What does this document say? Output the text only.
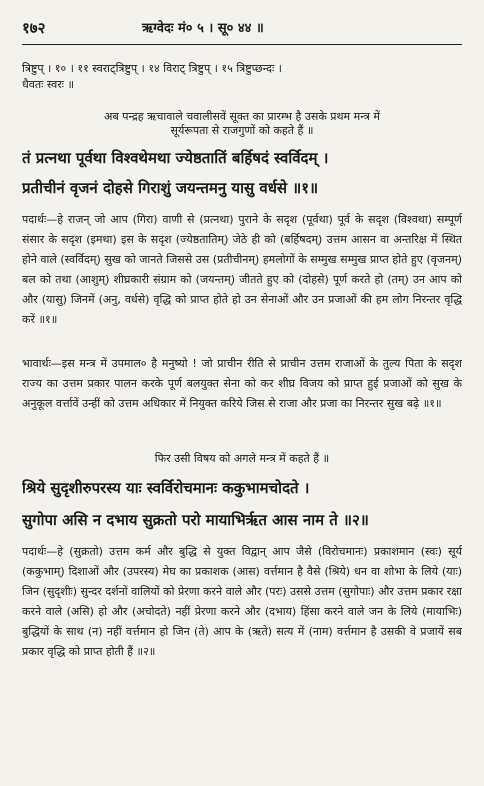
१७२	ऋग्वेदः मं० ५ । सू० ४४ ॥
त्रिष्टुप् । १० । ११ स्वराट्त्रिष्टुप् । १४ विराट् त्रिष्टुप् । १५ त्रिष्टुप्छन्दः ।
धैवतः स्वरः ॥
अब पन्द्रह ऋचावाले चवालीसवें सूक्त का प्रारम्भ है उसके प्रथम मन्त्र में
सूर्यरूपता से राजगुणों को कहते हैं ॥
तं प्रत्नथा पूर्वथा विश्वथेमथा ज्येष्ठतातिं बर्हिषदं स्वर्विदम् ।
प्रतीचीनं वृजनं दोहसे गिराशुं जयन्तमनु यासु वर्धसे ॥१॥

पदार्थः—हे राजन् जो आप (गिरा) वाणी से (प्रत्नथा) पुराने के सदृश (पूर्वथा) पूर्व के सदृश (विश्वथा) सम्पूर्ण संसार के सदृश (इमथा) इस के सदृश (ज्येष्ठतातिम्) जेठे ही को (बर्हिषदम्) उत्तम आसन वा अन्तरिक्ष में स्थित होने वाले (स्वर्विदम्) सुख को जानते जिससे उस (प्रतीचीनम्) हमलोगों के सम्मुख सम्मुख प्राप्त होते हुए (वृजनम्) बल को तथा (आशुम्) शीघ्रकारी संग्राम को (जयन्तम्) जीतते हुए को (दोहसे) पूर्ण करते हो (तम्) उन आप को और (यासु) जिनमें (अनु, वर्धसे) वृद्धि को प्राप्त होते हो उन सेनाओं और उन प्रजाओं की हम लोग निरन्तर वृद्धि करें ॥१॥

भावार्थः—इस मन्त्र में उपमाल० है मनुष्यो ! जो प्राचीन रीति से प्राचीन उत्तम राजाओं के तुल्य पिता के सदृश राज्य का उत्तम प्रकार पालन करके पूर्ण बलयुक्त सेना को कर शीघ्र विजय को प्राप्त हुई प्रजाओं को सुख के अनुकूल वर्त्तावें उन्हीं को उत्तम अधिकार में नियुक्त करिये जिस से राजा और प्रजा का निरन्तर सुख बढ़े ॥१॥

फिर उसी विषय को अगले मन्त्र में कहते हैं ॥
श्रिये सुदृशीरुपरस्य याः स्वर्विरोचमानः ककुभामचोदते ।
सुगोपा असि न दभाय सुक्रतो परो मायाभिर्ऋत आस नाम ते ॥२॥

पदार्थः—हे (सुक्रतो) उत्तम कर्म और बुद्धि से युक्त विद्वान् आप जैसे (विरोचमानः) प्रकाशमान (स्वः) सूर्य (ककुभाम्) दिशाओं और (उपरस्य) मेघ का प्रकाशक (आस) वर्त्तमान है वैसे (श्रिये) धन वा शोभा के लिये (याः) जिन (सुदृशीः) सुन्दर दर्शनों वालियों को प्रेरणा करने वाले और (परः) उससे उत्तम (सुगोपाः) और उत्तम प्रकार रक्षा करने वाले (असि) हो और (अचोदते) नहीं प्रेरणा करने और (दभाय) हिंसा करने वाले जन के लिये (मायाभिः) बुद्धियों के साथ (न) नहीं वर्त्तमान हो जिन (ते) आप के (ऋते) सत्य में (नाम) वर्त्तमान है उसकी वे प्रजायें सब प्रकार वृद्धि को प्राप्त होती हैं ॥२॥
